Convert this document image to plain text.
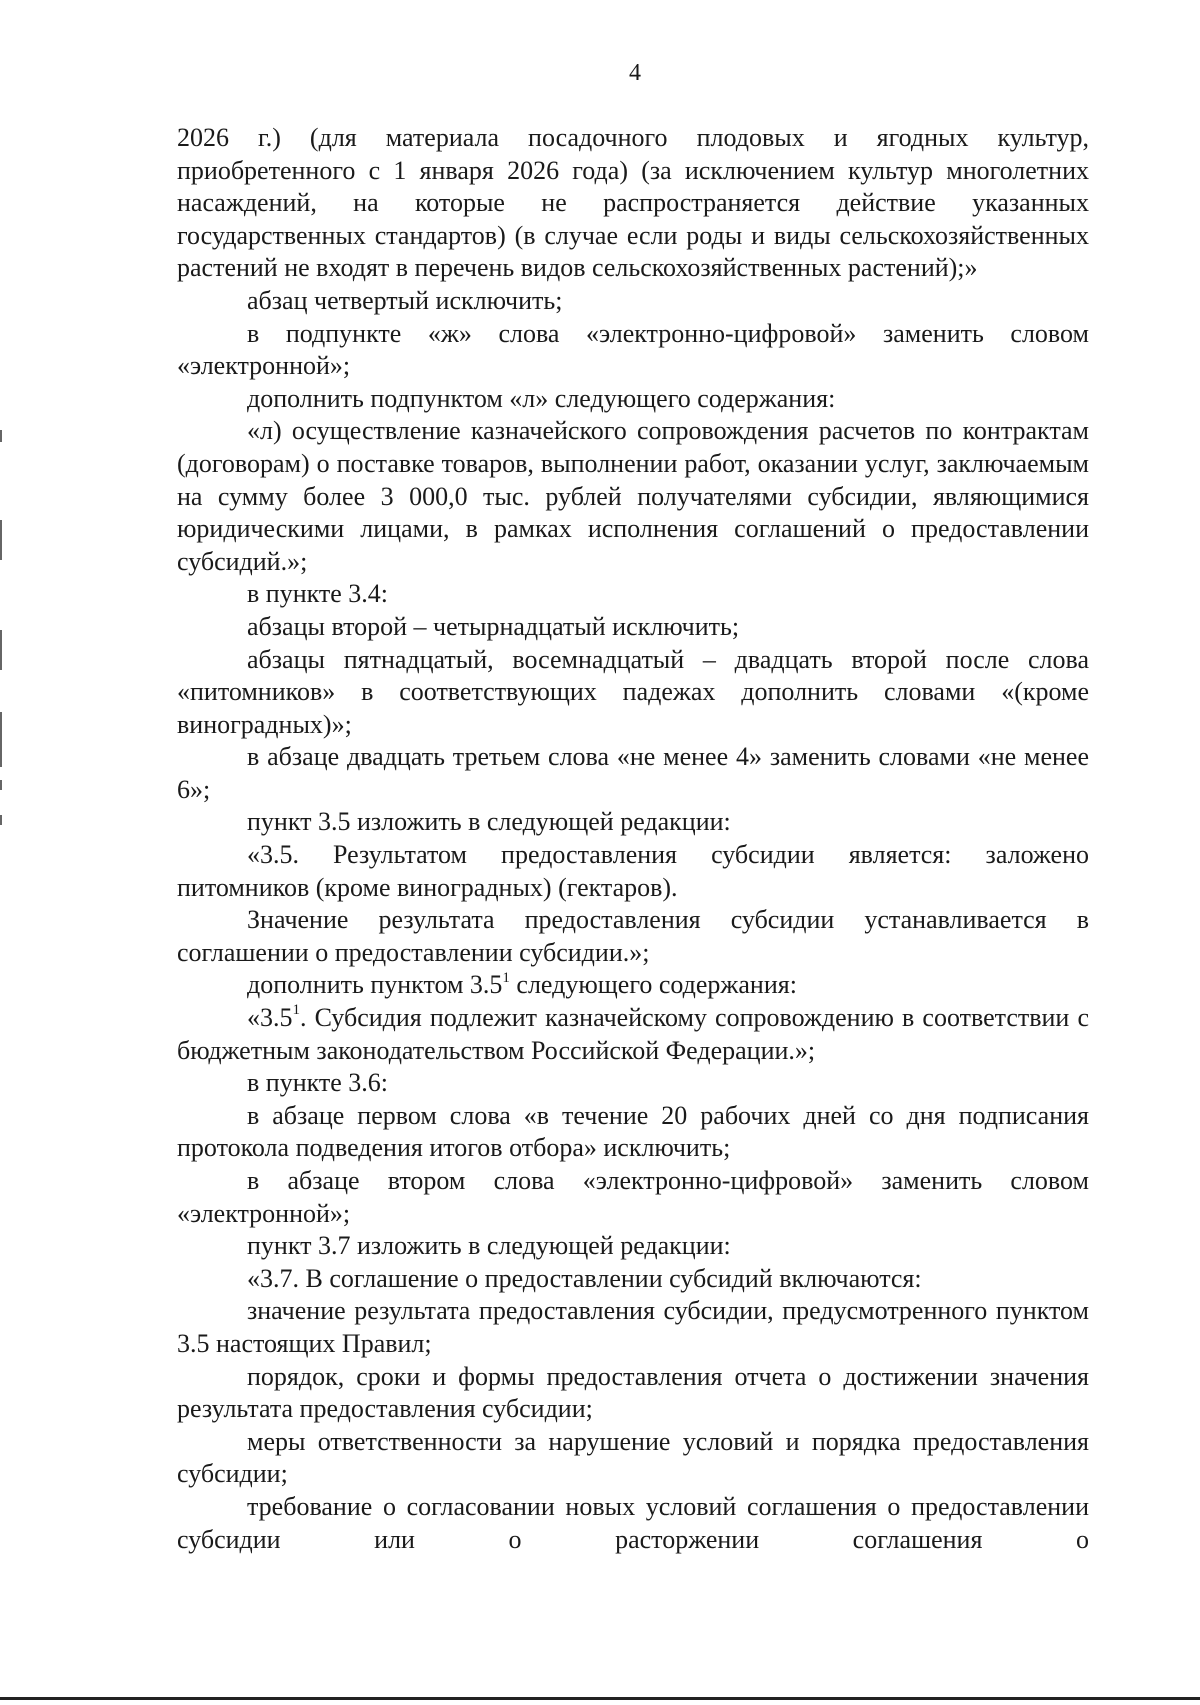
4

2026 г.) (для материала посадочного плодовых и ягодных культур, приобретенного с 1 января 2026 года) (за исключением культур многолетних насаждений, на которые не распространяется действие указанных государственных стандартов) (в случае если роды и виды сельскохозяйственных растений не входят в перечень видов сельскохозяйственных растений);»

абзац четвертый исключить;

в подпункте «ж» слова «электронно-цифровой» заменить словом «электронной»;

дополнить подпунктом «л» следующего содержания:

«л) осуществление казначейского сопровождения расчетов по контрактам (договорам) о поставке товаров, выполнении работ, оказании услуг, заключаемым на сумму более 3 000,0 тыс. рублей получателями субсидии, являющимися юридическими лицами, в рамках исполнения соглашений о предоставлении субсидий.»;

в пункте 3.4:

абзацы второй – четырнадцатый исключить;

абзацы пятнадцатый, восемнадцатый – двадцать второй после слова «питомников» в соответствующих падежах дополнить словами «(кроме виноградных)»;

в абзаце двадцать третьем слова «не менее 4» заменить словами «не менее 6»;

пункт 3.5 изложить в следующей редакции:

«3.5. Результатом предоставления субсидии является: заложено питомников (кроме виноградных) (гектаров).

Значение результата предоставления субсидии устанавливается в соглашении о предоставлении субсидии.»;

дополнить пунктом $3.5^1$ следующего содержания:

«$3.5^1$. Субсидия подлежит казначейскому сопровождению в соответствии с бюджетным законодательством Российской Федерации.»;

в пункте 3.6:

в абзаце первом слова «в течение 20 рабочих дней со дня подписания протокола подведения итогов отбора» исключить;

в абзаце втором слова «электронно-цифровой» заменить словом «электронной»;

пункт 3.7 изложить в следующей редакции:

«3.7. В соглашение о предоставлении субсидий включаются:

значение результата предоставления субсидии, предусмотренного пунктом 3.5 настоящих Правил;

порядок, сроки и формы предоставления отчета о достижении значения результата предоставления субсидии;

меры ответственности за нарушение условий и порядка предоставления субсидии;

требование о согласовании новых условий соглашения о предоставлении субсидии или о расторжении соглашения о
